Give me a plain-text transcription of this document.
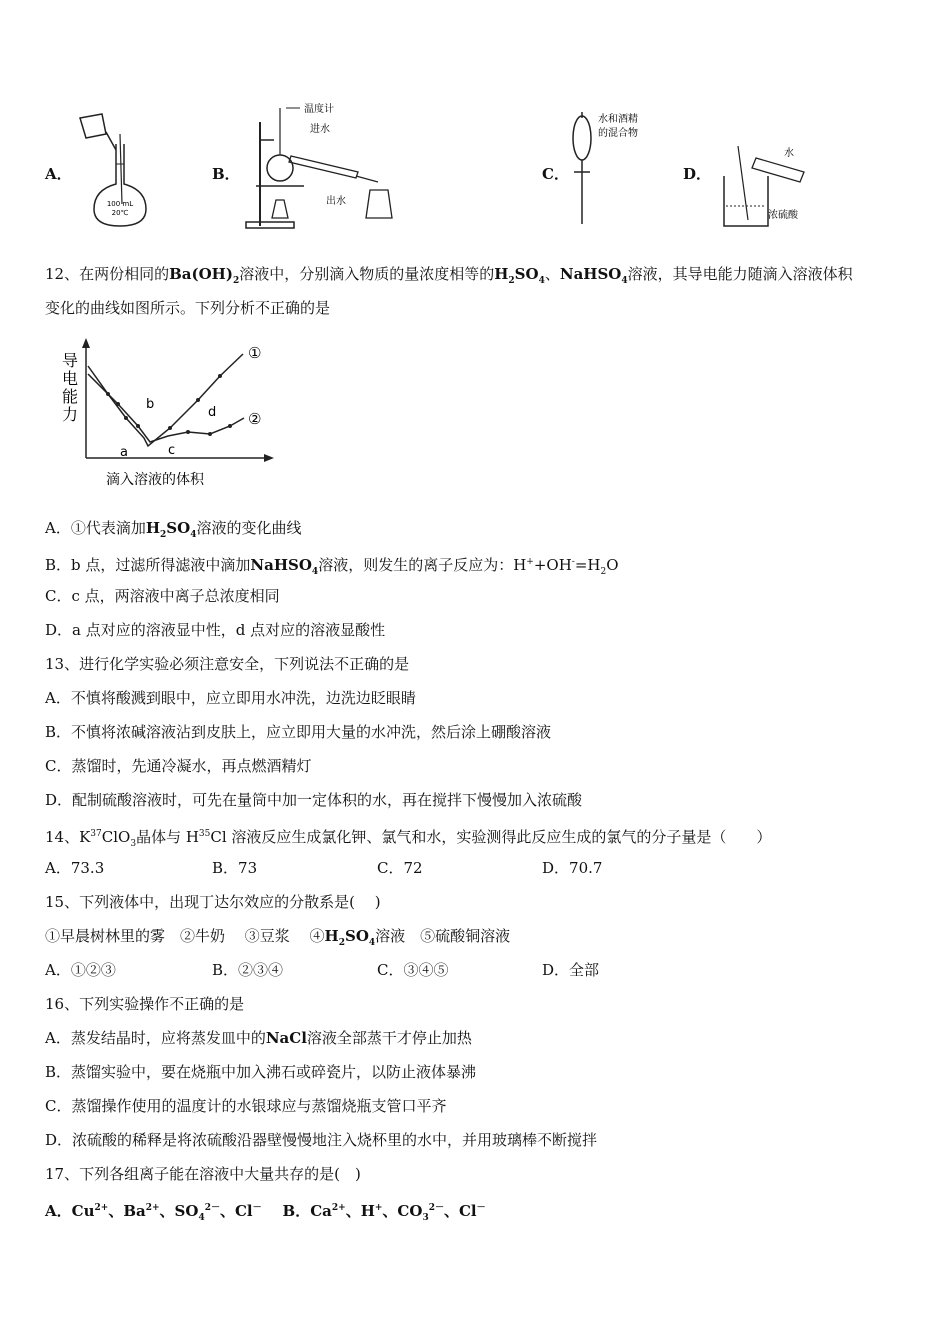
A．
100 mL
20℃
B．
温度计
进水
出水
C．
水和酒精
的混合物
D．
水
浓硫酸
12、在两份相同的$Ba(OH)_2$溶液中，分别滴入物质的量浓度相等的$H_2SO_4$、NaHSO$_4$溶液，其导电能力随滴入溶液体积
变化的曲线如图所示。下列分析不正确的是
导
电
能
力
①
②
a
b
c
d
滴入溶液的体积
A．①代表滴加$H_2SO_4$溶液的变化曲线
B．b 点，过滤所得滤液中滴加NaHSO$_4$溶液，则发生的离子反应为：$H^++OH^-=H_2O$
C．c 点，两溶液中离子总浓度相同
D．a 点对应的溶液显中性，d 点对应的溶液显酸性
13、进行化学实验必须注意安全，下列说法不正确的是
A．不慎将酸溅到眼中，应立即用水冲洗，边洗边眨眼睛
B．不慎将浓碱溶液沾到皮肤上，应立即用大量的水冲洗，然后涂上硼酸溶液
C．蒸馏时，先通冷凝水，再点燃酒精灯
D．配制硫酸溶液时，可先在量筒中加一定体积的水，再在搅拌下慢慢加入浓硫酸
14、$K^{37}ClO_3$晶体与 $H^{35}Cl$ 溶液反应生成氯化钾、氯气和水，实验测得此反应生成的氯气的分子量是（　　）
A．73.3	B．73	C．72	D．70.7
15、下列液体中，出现丁达尔效应的分散系是(　 )
①早晨树林里的雾　②牛奶　 ③豆浆　 $④H_2SO_4$溶液　⑤硫酸铜溶液
A．①②③	B．②③④	C．③④⑤	D．全部
16、下列实验操作不正确的是
A．蒸发结晶时，应将蒸发皿中的NaCl溶液全部蒸干才停止加热
B．蒸馏实验中，要在烧瓶中加入沸石或碎瓷片，以防止液体暴沸
C．蒸馏操作使用的温度计的水银球应与蒸馏烧瓶支管口平齐
D．浓硫酸的稀释是将浓硫酸沿器壁慢慢地注入烧杯里的水中，并用玻璃棒不断搅拌
17、下列各组离子能在溶液中大量共存的是(　)
A．$Cu^{2+}$、$Ba^{2+}$、$SO_4^{2-}$、Cl－ B．$Ca^{2+}$、H+、$CO_3^{2-}$、Cl－
